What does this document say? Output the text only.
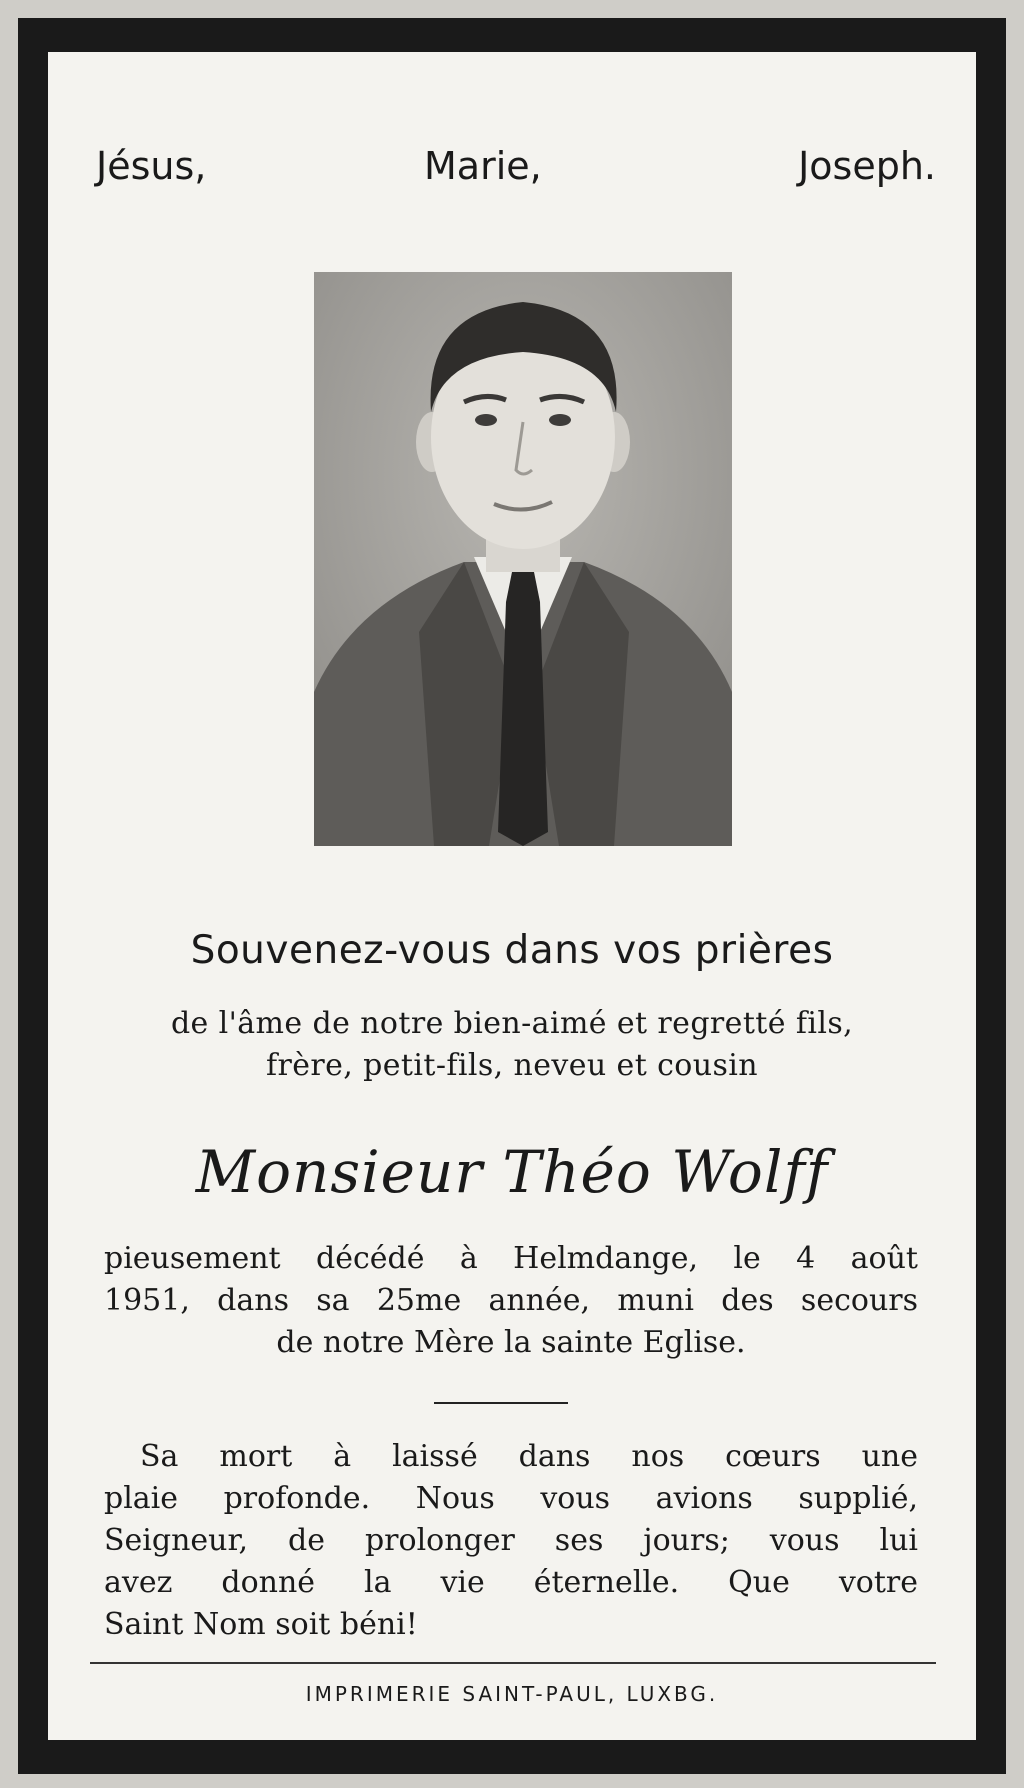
Jésus,	Marie,	Joseph.
Souvenez-vous dans vos prières
de l'âme de notre bien-aimé et regretté fils,
frère, petit-fils, neveu et cousin
Monsieur Théo Wolff
pieusement décédé à Helmdange, le 4 août
1951, dans sa 25me année, muni des secours
de notre Mère la sainte Eglise.
Sa mort à laissé dans nos cœurs une
plaie profonde. Nous vous avions supplié,
Seigneur, de prolonger ses jours; vous lui
avez donné la vie éternelle. Que votre
Saint Nom soit béni!
IMPRIMERIE SAINT-PAUL, LUXBG.
